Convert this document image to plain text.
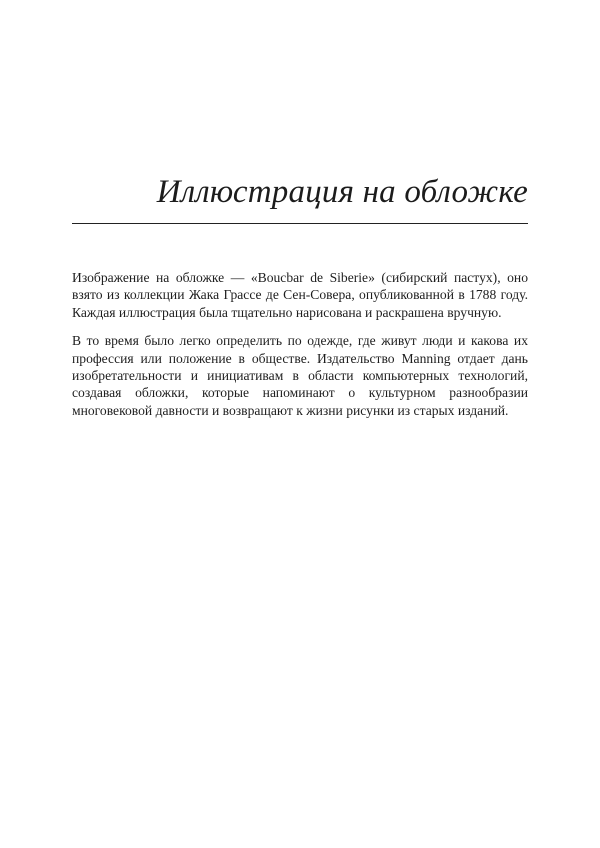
Иллюстрация на обложке

Изображение на обложке — «Boucbar de Siberie» (сибирский пастух), оно взято из коллекции Жака Грассе де Сен-Совера, опубликованной в 1788 году. Каждая иллюстрация была тщательно нарисована и раскрашена вручную.

В то время было легко определить по одежде, где живут люди и какова их профессия или положение в обществе. Издательство Manning отдает дань изобретательности и инициативам в области компьютерных технологий, создавая обложки, которые напоминают о культурном разнообразии многовековой давности и возвращают к жизни рисунки из старых изданий.
